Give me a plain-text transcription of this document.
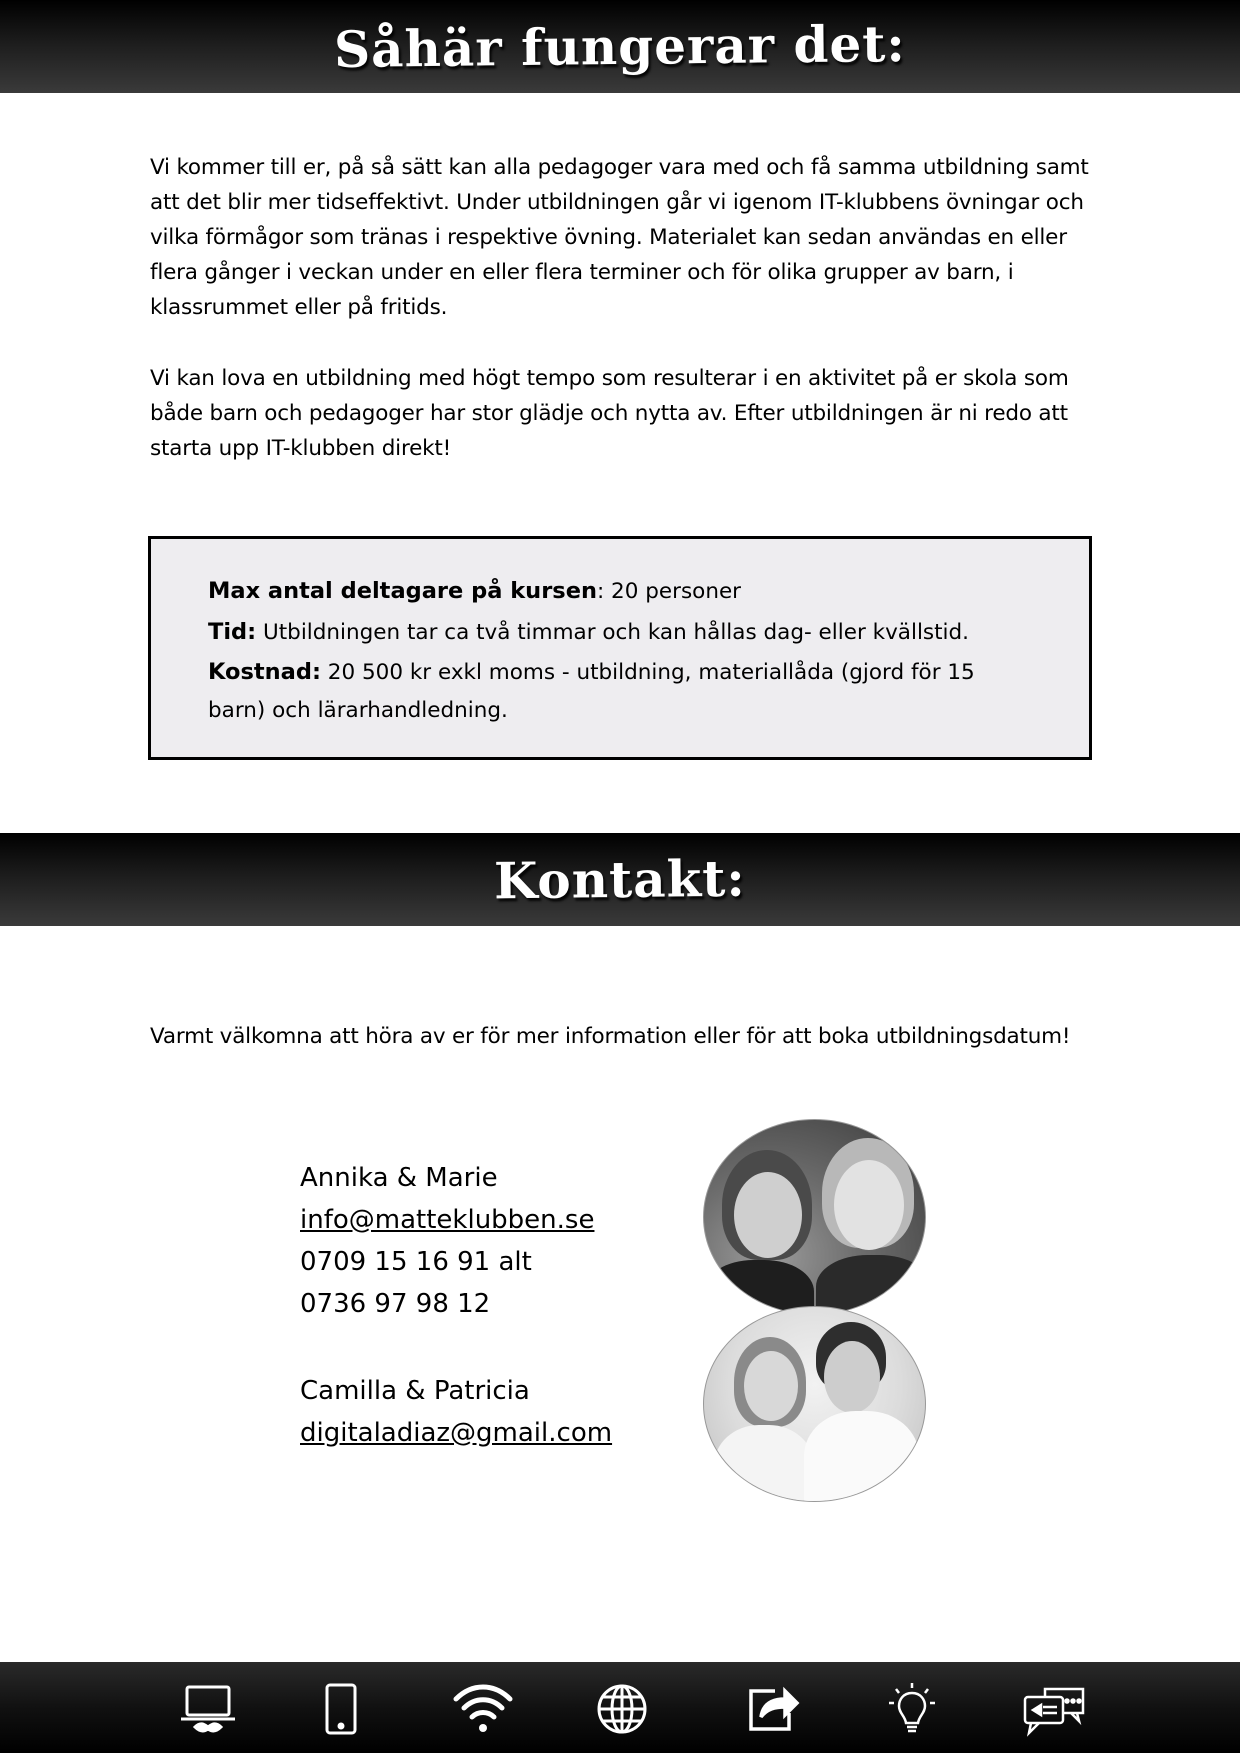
Såhär fungerar det:

Vi kommer till er, på så sätt kan alla pedagoger vara med och få samma utbildning samt att det blir mer tidseffektivt. Under utbildningen går vi igenom IT-klubbens övningar och vilka förmågor som tränas i respektive övning. Materialet kan sedan användas en eller flera gånger i veckan under en eller flera terminer och för olika grupper av barn, i klassrummet eller på fritids.

Vi kan lova en utbildning med högt tempo som resulterar i en aktivitet på er skola som både barn och pedagoger har stor glädje och nytta av. Efter utbildningen är ni redo att starta upp IT-klubben direkt!

Max antal deltagare på kursen: 20 personer
Tid: Utbildningen tar ca två timmar och kan hållas dag- eller kvällstid.
Kostnad: 20 500 kr exkl moms - utbildning, materiallåda (gjord för 15 barn) och lärarhandledning.
Kontakt:

Varmt välkomna att höra av er för mer information eller för att boka utbildningsdatum!

Annika & Marie
info@matteklubben.se
0709 15 16 91 alt
0736 97 98 12
Camilla & Patricia
digitaladiaz@gmail.com
